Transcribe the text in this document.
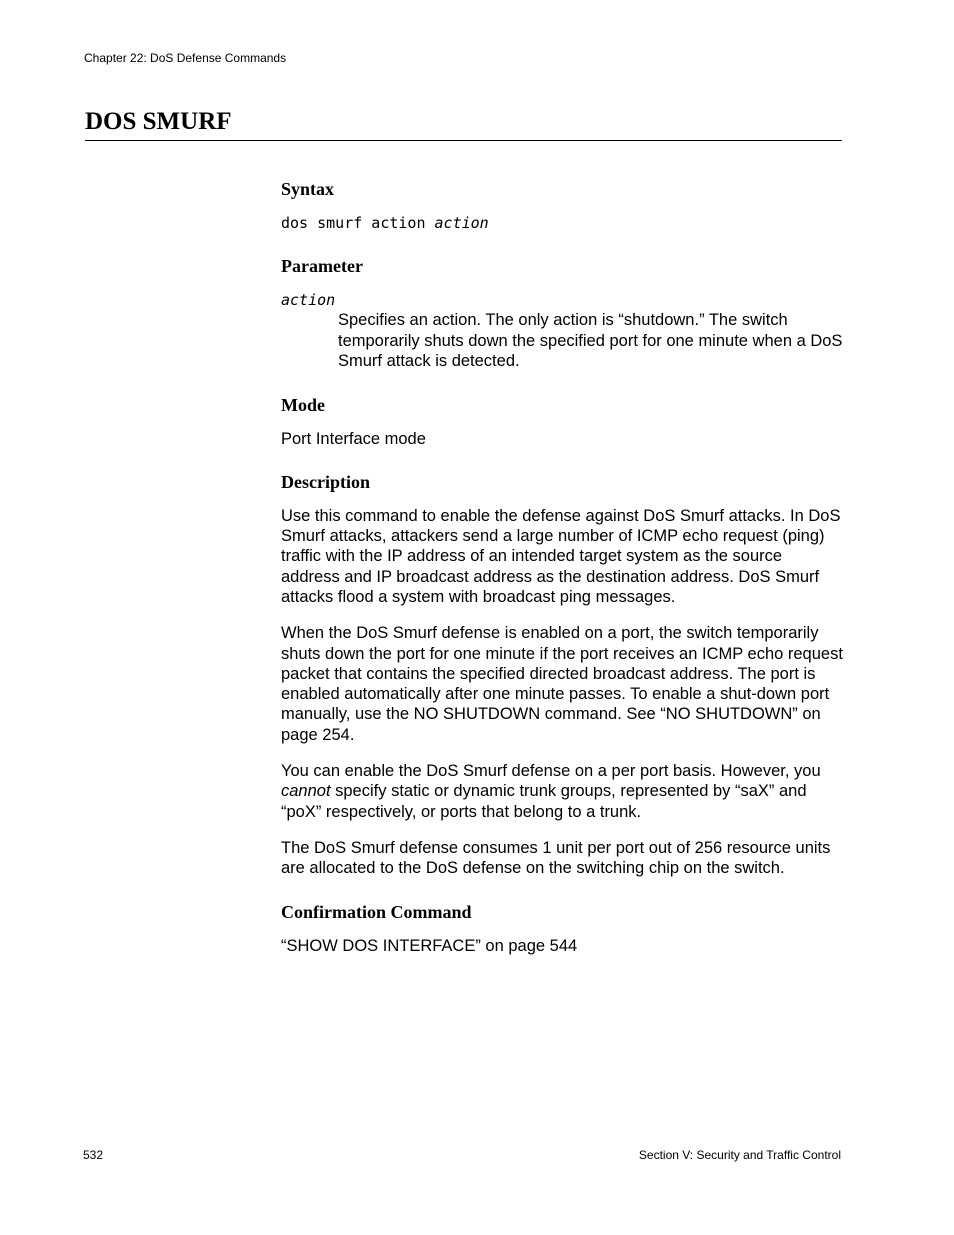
Chapter 22: DoS Defense Commands
DOS SMURF
Syntax

dos smurf action action

Parameter

action

Specifies an action. The only action is “shutdown.” The switch temporarily shuts down the specified port for one minute when a DoS Smurf attack is detected.

Mode

Port Interface mode

Description

Use this command to enable the defense against DoS Smurf attacks. In DoS Smurf attacks, attackers send a large number of ICMP echo request (ping) traffic with the IP address of an intended target system as the source address and IP broadcast address as the destination address. DoS Smurf attacks flood a system with broadcast ping messages.

When the DoS Smurf defense is enabled on a port, the switch temporarily shuts down the port for one minute if the port receives an ICMP echo request packet that contains the specified directed broadcast address. The port is enabled automatically after one minute passes. To enable a shut-down port manually, use the NO SHUTDOWN command. See “NO SHUTDOWN” on page 254.

You can enable the DoS Smurf defense on a per port basis. However, you cannot specify static or dynamic trunk groups, represented by “saX” and “poX” respectively, or ports that belong to a trunk.

The DoS Smurf defense consumes 1 unit per port out of 256 resource units are allocated to the DoS defense on the switching chip on the switch.

Confirmation Command

“SHOW DOS INTERFACE” on page 544

532	Section V: Security and Traffic Control
